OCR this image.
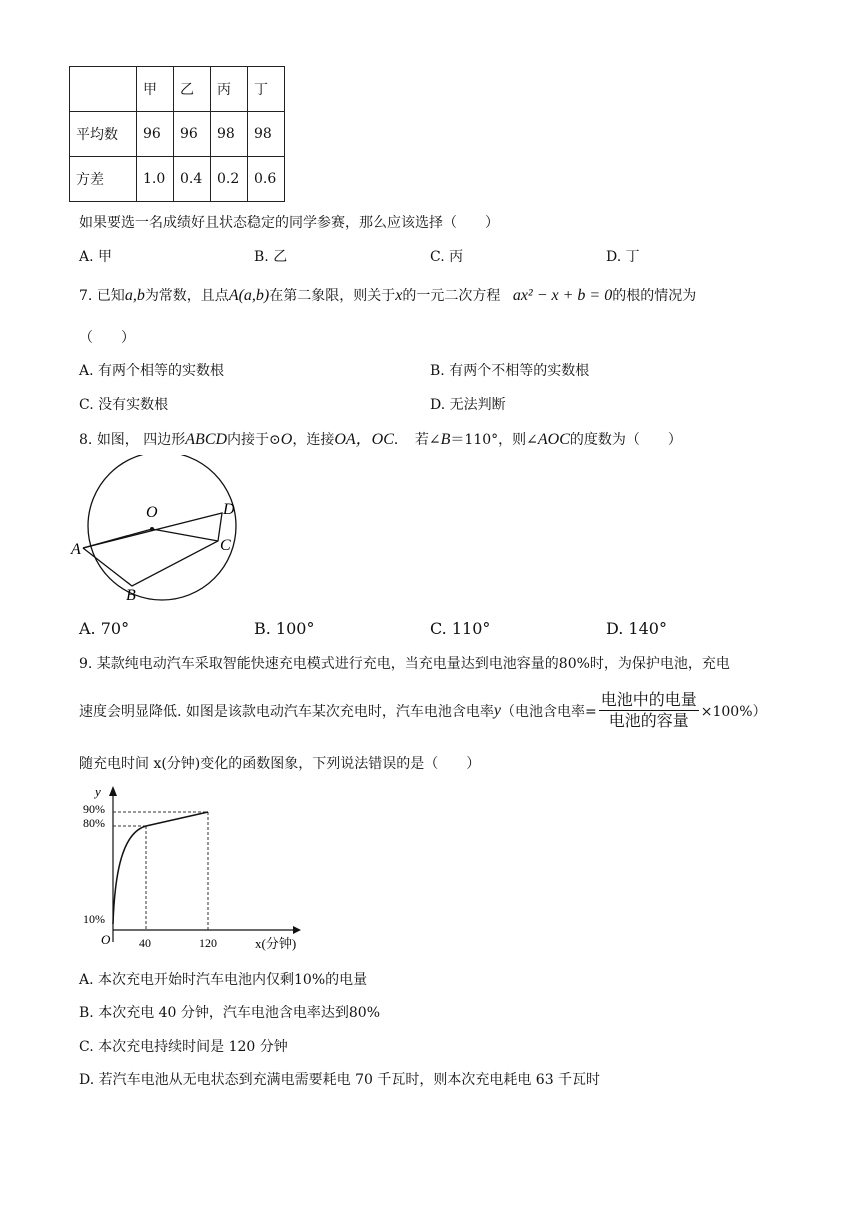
	甲	乙	丙	丁
平均数	96	96	98	98
方差	1.0	0.4	0.2	0.6
如果要选一名成绩好且状态稳定的同学参赛，那么应该选择（　　）
A. 甲	B. 乙	C. 丙	D. 丁
7. 已知a,b为常数，且点A(a,b)在第二象限，则关于x的一元二次方程 ax² − x + b = 0的根的情况为
（　　）
A. 有两个相等的实数根	B. 有两个不相等的实数根
C. 没有实数根	D. 无法判断
8. 如图， 四边形ABCD内接于⊙O，连接OA，OC．　若∠B＝110°，则∠AOC的度数为（　　）
O
A
B
C
D
A. 70°	B. 100°	C. 110°	D. 140°
9. 某款纯电动汽车采取智能快速充电模式进行充电，当充电量达到电池容量的80%时，为保护电池，充电
速度会明显降低. 如图是该款电动汽车某次充电时，汽车电池含电率 y （电池含电率= $\frac{\text{电池中的电量}}{\text{电池的容量}} \times 100\%$）
随充电时间 x(分钟)变化的函数图象，下列说法错误的是（　　）
y
x(分钟)
O
90%
80%
10%
40	120
A. 本次充电开始时汽车电池内仅剩10%的电量
B. 本次充电 40 分钟，汽车电池含电率达到80%
C. 本次充电持续时间是 120 分钟
D. 若汽车电池从无电状态到充满电需要耗电 70 千瓦时，则本次充电耗电 63 千瓦时
